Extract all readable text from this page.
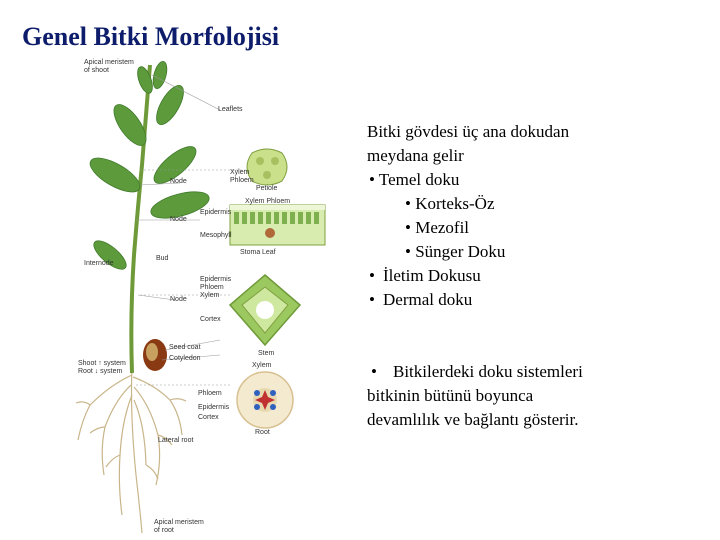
Genel Bitki Morfolojisi
Apical meristem
of shoot
Leaflets
Xylem
Phloem
Node
Petiole
Xylem Phloem
Epidermis
Node
Mesophyll
Stoma Leaf
Internode
Bud
Epidermis
Phloem
Xylem
Node
Cortex
Seed coat
Cotyledon
Stem
Shoot ↑ system
Root ↓ system
Xylem
Phloem
Epidermis
Cortex
Root
Lateral root
Apical meristem
of root
Bitki gövdesi üç ana dokudan
meydana gelir
• Temel doku
• Korteks-Öz
• Mezofil
• Sünger Doku
• İletim Dokusu
• Dermal doku
• Bitkilerdeki doku sistemleri
bitkinin bütünü boyunca
devamlılık ve bağlantı gösterir.
